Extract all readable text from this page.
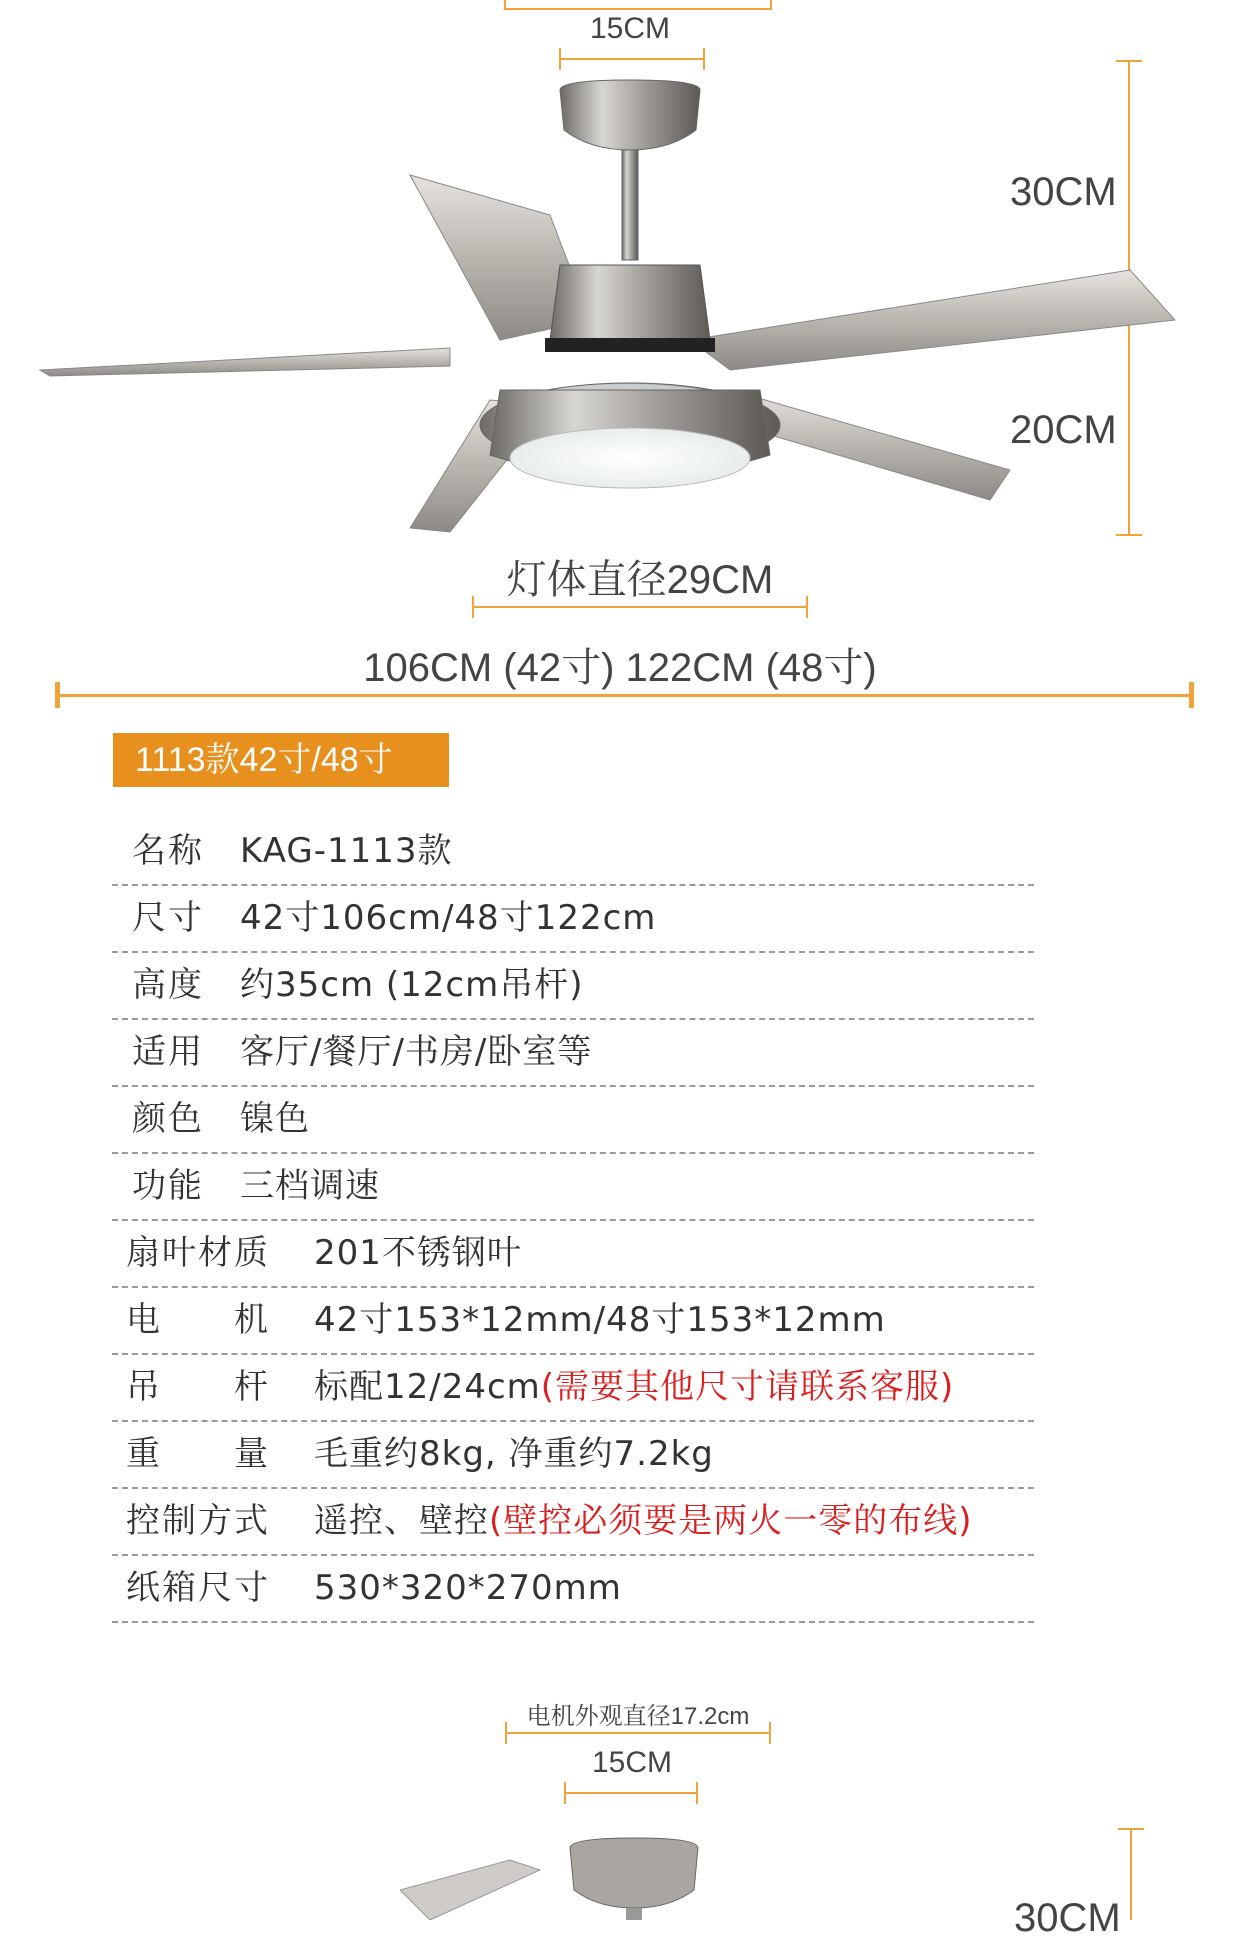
15CM
30CM
20CM
灯体直径29CM
106CM (42寸) 122CM (48寸)
1113款42寸/48寸
名称 KAG-1113款
尺寸 42寸106cm/48寸122cm
高度 约35cm (12cm吊杆)
适用 客厅/餐厅/书房/卧室等
颜色 镍色
功能 三档调速
扇叶材质 201不锈钢叶
电　　机 42寸153*12mm/48寸153*12mm
吊　　杆 标配12/24cm(需要其他尺寸请联系客服)
重　　量 毛重约8kg, 净重约7.2kg
控制方式 遥控、壁控(壁控必须要是两火一零的布线)
纸箱尺寸 530*320*270mm
电机外观直径17.2cm
15CM
30CM
